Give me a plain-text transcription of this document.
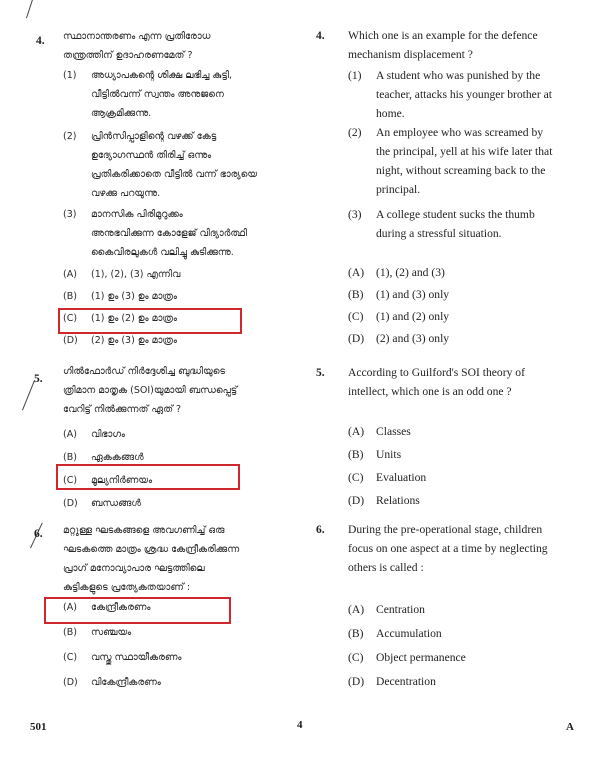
4. സ്ഥാനാന്തരണം എന്ന പ്രതിരോധ
തന്ത്രത്തിന് ഉദാഹരണമേത് ?
(1)	അധ്യാപകന്റെ ശിക്ഷ ലഭിച്ച കുട്ടി,
വീട്ടിൽവന്ന് സ്വന്തം അനുജനെ
ആക്രമിക്കുന്നു.
(2)	പ്രിൻസിപ്പാളിന്റെ വഴക്ക് കേട്ട
ഉദ്യോഗസ്ഥൻ തിരിച്ച് ഒന്നും
പ്രതികരിക്കാതെ വീട്ടിൽ വന്ന് ഭാര്യയെ
വഴക്കു പറയുന്നു.
(3)	മാനസിക പിരിമുറുക്കം
അനുഭവിക്കുന്ന കോളേജ് വിദ്യാർത്ഥി
കൈവിരലുകൾ വലിച്ചു കുടിക്കുന്നു.
(A)	(1), (2), (3) എന്നിവ
(B)	(1) ഉം (3) ഉം മാത്രം
(C)	(1) ഉം (2) ഉം മാത്രം
(D)	(2) ഉം (3) ഉം മാത്രം
5.
ഗിൽഫോർഡ് നിർദ്ദേശിച്ച ബുദ്ധിയുടെ
ത്രിമാന മാതൃക (SOI)യുമായി ബന്ധപ്പെട്ട്
വേറിട്ട് നിൽക്കുന്നത് ഏത് ?
(A)	വിഭാഗം
(B)	ഏകകങ്ങൾ
(C)	മൂല്യനിർണയം
(D)	ബന്ധങ്ങൾ
6. മറ്റുള്ള ഘടകങ്ങളെ അവഗണിച്ച് ഒരു
ഘടകത്തെ മാത്രം ശ്രദ്ധ കേന്ദ്രീകരിക്കുന്ന
പ്രാഗ് മനോവ്യാപാര ഘട്ടത്തിലെ
കുട്ടികളുടെ പ്രത്യേകതയാണ് :
(A)	കേന്ദ്രീകരണം
(B)	സഞ്ചയം
(C)	വസ്തു സ്ഥായീകരണം
(D)	വികേന്ദ്രീകരണം
4. Which one is an example for the defence
mechanism displacement ?
(1)	A student who was punished by the
teacher, attacks his younger brother at
home.
(2)	An employee who was screamed by
the principal, yell at his wife later that
night, without screaming back to the
principal.
(3)	A college student sucks the thumb
during a stressful situation.
(A)	(1), (2) and (3)
(B)	(1) and (3) only
(C)	(1) and (2) only
(D)	(2) and (3) only
5. According to Guilford's SOI theory of
intellect, which one is an odd one ?
(A)	Classes
(B)	Units
(C)	Evaluation
(D)	Relations
6. During the pre-operational stage, children
focus on one aspect at a time by neglecting
others is called :
(A)	Centration
(B)	Accumulation
(C)	Object permanence
(D)	Decentration
501	4	A
